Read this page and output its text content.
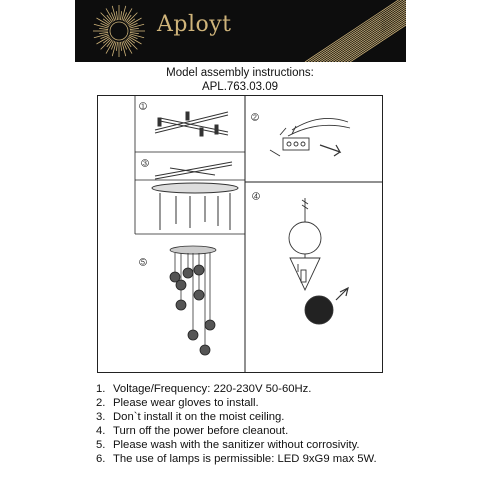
Aployt
Model assembly instructions:
APL.763.03.09
1
2
3
4
5
1. Voltage/Frequency: 220-230V 50-60Hz.
2. Please wear gloves to install.
3. Don`t install it on the moist ceiling.
4. Turn off the power before cleanout.
5. Please wash with the sanitizer without corrosivity.
6. The use of lamps is permissible: LED 9xG9 max 5W.
